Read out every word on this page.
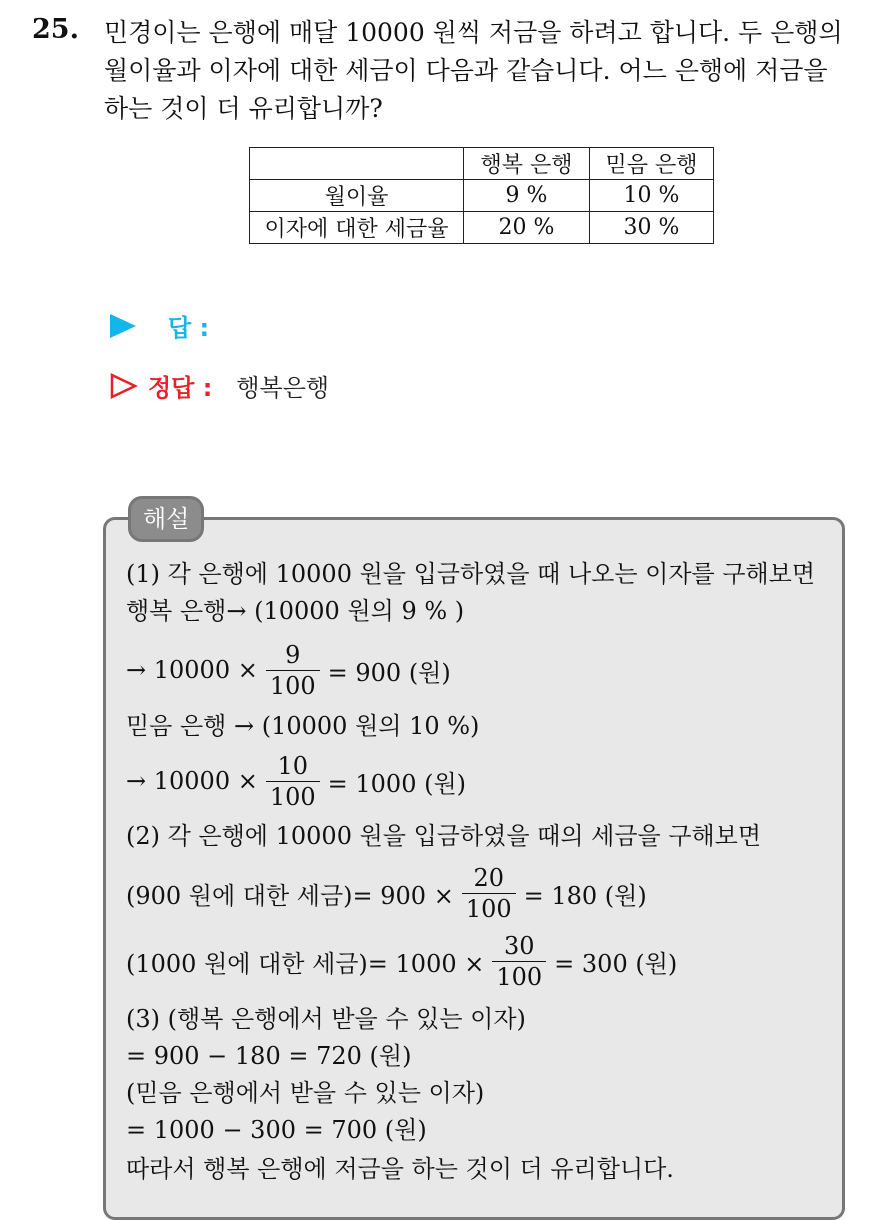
25. 민경이는 은행에 매달 10000 원씩 저금을 하려고 합니다. 두 은행의
월이율과 이자에 대한 세금이 다음과 같습니다. 어느 은행에 저금을
하는 것이 더 유리합니까?
	행복 은행	믿음 은행
월이율	9 %	10 %
이자에 대한 세금율	20 %	30 %
답 :
정답 : 행복은행
해설
(1) 각 은행에 10000 원을 입금하였을 때 나오는 이자를 구해보면
행복 은행→ (10000 원의 9 % )
→ $10000 \times \frac{9}{100} = 900$ (원)
믿음 은행 → (10000 원의 10 %)
→ $10000 \times \frac{10}{100} = 1000$ (원)
(2) 각 은행에 10000 원을 입금하였을 때의 세금을 구해보면
(900 원에 대한 세금)= $900 \times \frac{20}{100} = 180$ (원)
(1000 원에 대한 세금)= $1000 \times \frac{30}{100} = 300$ (원)
(3) (행복 은행에서 받을 수 있는 이자)
= 900 − 180 = 720 (원)
(믿음 은행에서 받을 수 있는 이자)
= 1000 − 300 = 700 (원)
따라서 행복 은행에 저금을 하는 것이 더 유리합니다.
